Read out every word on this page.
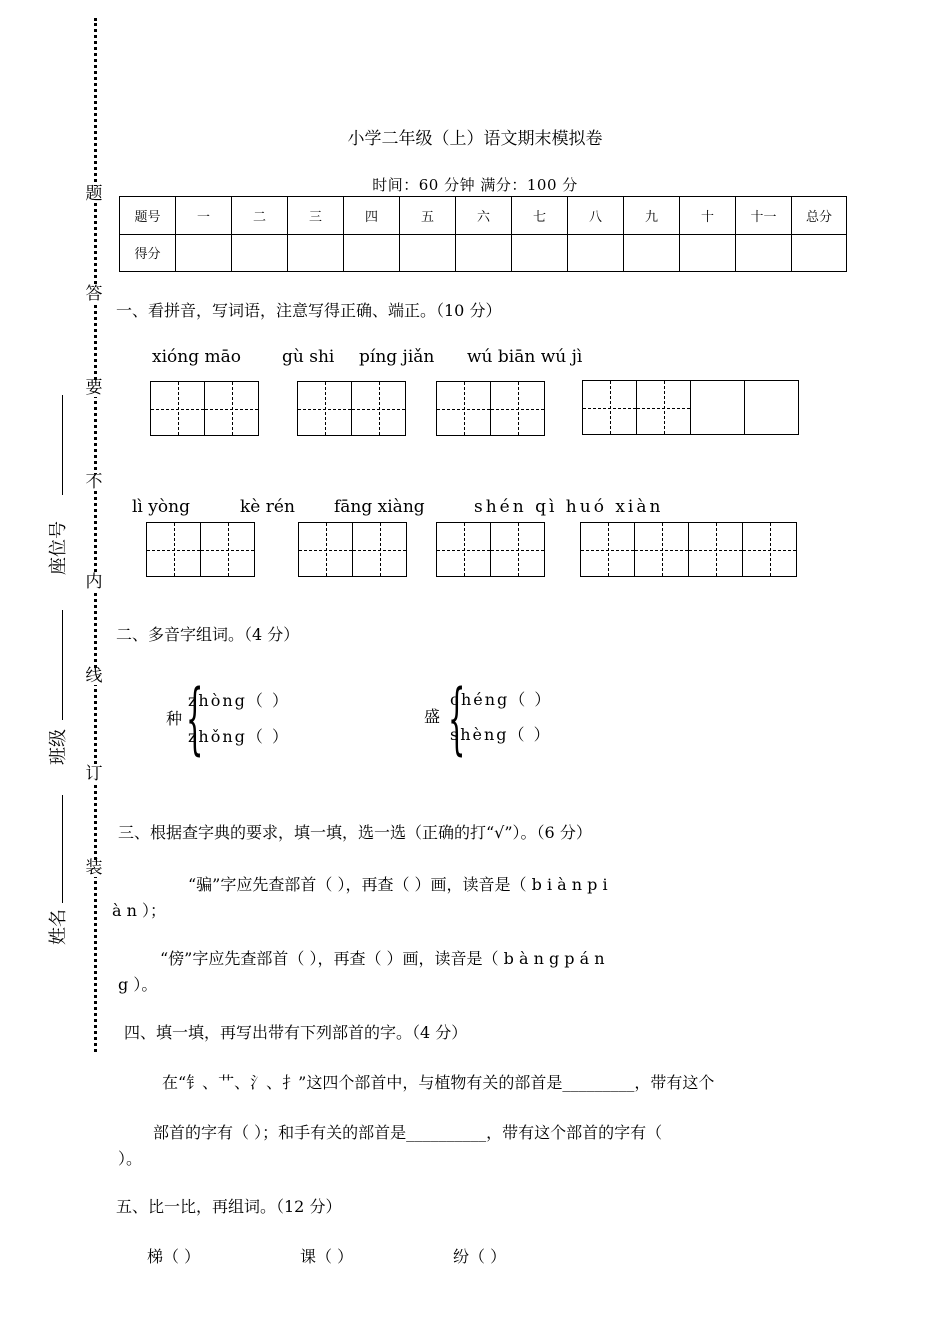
题
答
要
不
内
线
订
装
座位号
班级
姓名
小学二年级（上）语文期末模拟卷
时间：60 分钟 满分：100 分
题号	一	二	三	四	五	六	七	八	九	十	十一	总分
得分												
一、看拼音，写词语，注意写得正确、端正。（10 分）
xióng māo gù shi píng jiǎn wú biān wú jì
lì yòng	kè rén fāng xiàng	shén qì huó xiàn
二、多音字组词。（4 分）
种 {
zhòng（ ）
zhǒng（ ）
盛 {
chéng（ ）
shèng（ ）
三、根据查字典的要求，填一填，选一选（正确的打“√”）。（6 分）
“骗”字应先查部首（ ），再查（ ）画，读音是（ b i à n p i
à n ）；
“傍”字应先查部首（ ），再查（ ）画，读音是（ b à n g p á n
g ）。
四、填一填，再写出带有下列部首的字。（4 分）
在“钅、艹、氵、扌”这四个部首中，与植物有关的部首是_________，带有这个
部首的字有（ ）；和手有关的部首是__________，带有这个部首的字有（
）。
五、比一比，再组词。（12 分）
梯（ ）	课（ ）	纷（ ）
